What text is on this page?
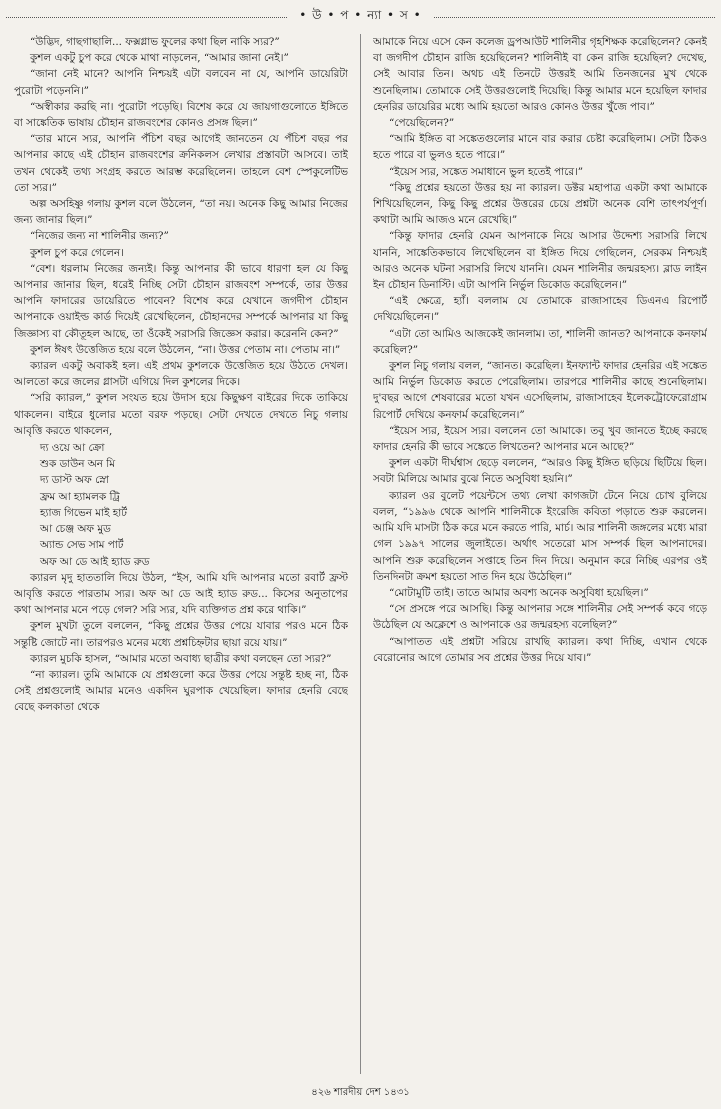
• উ • প • ন্যা • স •

“উদ্ভিদ, গাছগাছালি... ফক্সগ্লাভ ফুলের কথা ছিল নাকি স্যর?”

কুশল একটু চুপ করে থেকে মাথা নাড়লেন, “আমার জানা নেই।”

“জানা নেই মানে? আপনি নিশ্চয়ই এটা বলবেন না যে, আপনি ডায়েরিটা পুরোটা পড়েননি।”

“অস্বীকার করছি না। পুরোটা পড়েছি। বিশেষ করে যে জায়গাগুলোতে ইঙ্গিতে বা সাঙ্কেতিক ভাষায় চৌহান রাজবংশের কোনও প্রসঙ্গ ছিল।”

“তার মানে স্যর, আপনি পঁচিশ বছর আগেই জানতেন যে পঁচিশ বছর পর আপনার কাছে এই চৌহান রাজবংশের ক্রনিকলস লেখার প্রস্তাবটা আসবে। তাই তখন থেকেই তথ্য সংগ্রহ করতে আরম্ভ করেছিলেন। তাহলে বেশ স্পেকুলেটিভ তো স্যর।”

অল্প অসহিষ্ণু গলায় কুশল বলে উঠলেন, “তা নয়। অনেক কিছু আমার নিজের জন্য জানার ছিল।”

“নিজের জন্য না শালিনীর জন্য?”

কুশল চুপ করে গেলেন।

“বেশ। ধরলাম নিজের জন্যই। কিন্তু আপনার কী ভাবে ধারণা হল যে কিছু আপনার জানার ছিল, ধরেই নিচ্ছি সেটা চৌহান রাজবংশ সম্পর্কে, তার উত্তর আপনি ফাদারের ডায়েরিতে পাবেন? বিশেষ করে যেখানে জগদীপ চৌহান আপনাকে ওয়াইল্ড কার্ড দিয়েই রেখেছিলেন, চৌহানদের সম্পর্কে আপনার যা কিছু জিজ্ঞাস্য বা কৌতূহল আছে, তা ওঁকেই সরাসরি জিজ্ঞেস করার। করেননি কেন?”

কুশল ঈষৎ উত্তেজিত হয়ে বলে উঠলেন, “না। উত্তর পেতাম না। পেতাম না।”

ক্যারল একটু অবাকই হল। এই প্রথম কুশলকে উত্তেজিত হয়ে উঠতে দেখল। আলতো করে জলের গ্লাসটা এগিয়ে দিল কুশলের দিকে।

“সরি ক্যারল,” কুশল সংযত হয়ে উদাস হয়ে কিছুক্ষণ বাইরের দিকে তাকিয়ে থাকলেন। বাইরে ধুলোর মতো বরফ পড়ছে। সেটা দেখতে দেখতে নিচু গলায় আবৃত্তি করতে থাকলেন,

দ্য ওয়ে আ ক্রো

শুক ডাউন অন মি

দ্য ডাস্ট অফ স্নো

ফ্রম আ হ্যামলক ট্রি

হ্যাজ গিভেন মাই হার্ট

আ চেঞ্জ অফ মুড

অ্যান্ড সেভ সাম পার্ট

অফ আ ডে আই হ্যাড রুড

ক্যারল মৃদু হাততালি দিয়ে উঠল, “ইস, আমি যদি আপনার মতো রবার্ট ফ্রস্ট আবৃত্তি করতে পারতাম স্যর। অফ আ ডে আই হ্যাড রুড... কিসের অনুতাপের কথা আপনার মনে পড়ে গেল? সরি স্যর, যদি ব্যক্তিগত প্রশ্ন করে থাকি।”

কুশল মুখটা তুলে বললেন, “কিছু প্রশ্নের উত্তর পেয়ে যাবার পরও মনে ঠিক সন্তুষ্টি জোটে না। তারপরও মনের মধ্যে প্রশ্নচিহ্নটার ছায়া রয়ে যায়।”

ক্যারল মুচকি হাসল, “আমার মতো অবাধ্য ছাত্রীর কথা বলছেন তো স্যর?”

“না ক্যারল। তুমি আমাকে যে প্রশ্নগুলো করে উত্তর পেয়ে সন্তুষ্ট হচ্ছ না, ঠিক সেই প্রশ্নগুলোই আমার মনেও একদিন ঘুরপাক খেয়েছিল। ফাদার হেনরি বেছে বেছে কলকাতা থেকে

আমাকে নিয়ে এসে কেন কলেজ ড্রপআউট শালিনীর গৃহশিক্ষক করেছিলেন? কেনই বা জগদীপ চৌহান রাজি হয়েছিলেন? শালিনীই বা কেন রাজি হয়েছিল? দেখেছ, সেই আবার তিন। অথচ এই তিনটে উত্তরই আমি তিনজনের মুখ থেকে শুনেছিলাম। তোমাকে সেই উত্তরগুলোই দিয়েছি। কিন্তু আমার মনে হয়েছিল ফাদার হেনরির ডায়েরির মধ্যে আমি হয়তো আরও কোনও উত্তর খুঁজে পাব।”

“পেয়েছিলেন?”

“আমি ইঙ্গিত বা সঙ্কেতগুলোর মানে বার করার চেষ্টা করেছিলাম। সেটা ঠিকও হতে পারে বা ভুলও হতে পারে।”

“ইয়েস স্যর, সঙ্কেত সমাধানে ভুল হতেই পারে।”

“কিছু প্রশ্নের হয়তো উত্তর হয় না ক্যারল। ডক্টর মহাপাত্র একটা কথা আমাকে শিখিয়েছিলেন, কিছু কিছু প্রশ্নের উত্তরের চেয়ে প্রশ্নটা অনেক বেশি তাৎপর্যপূর্ণ। কথাটা আমি আজও মনে রেখেছি।”

“কিন্তু ফাদার হেনরি যেমন আপনাকে নিয়ে আসার উদ্দেশ্য সরাসরি লিখে যাননি, সাঙ্কেতিকভাবে লিখেছিলেন বা ইঙ্গিত দিয়ে গেছিলেন, সেরকম নিশ্চয়ই আরও অনেক ঘটনা সরাসরি লিখে যাননি। যেমন শালিনীর জন্মরহস্য। ব্লাড লাইন ইন চৌহান ডিনাস্টি। এটা আপনি নির্ভুল ডিকোড করেছিলেন।”

“এই ক্ষেত্রে, হ্যাঁ। বললাম যে তোমাকে রাজাসাহেব ডিএনএ রিপোর্ট দেখিয়েছিলেন।”

“এটা তো আমিও আজকেই জানলাম। তা, শালিনী জানত? আপনাকে কনফার্ম করেছিল?”

কুশল নিচু গলায় বলল, “জানত। করেছিল। ইনফ্যান্ট ফাদার হেনরির এই সঙ্কেত আমি নির্ভুল ডিকোড করতে পেরেছিলাম। তারপরে শালিনীর কাছে শুনেছিলাম। দু'বছর আগে শেষবারের মতো যখন এসেছিলাম, রাজাসাহেব ইলেকট্রোফেরোগ্রাম রিপোর্ট দেখিয়ে কনফার্ম করেছিলেন।”

“ইয়েস স্যর, ইয়েস স্যর। বললেন তো আমাকে। তবু খুব জানতে ইচ্ছে করছে ফাদার হেনরি কী ভাবে সঙ্কেতে লিখতেন? আপনার মনে আছে?”

কুশল একটা দীর্ঘশ্বাস ছেড়ে বললেন, “আরও কিছু ইঙ্গিত ছড়িয়ে ছিটিয়ে ছিল। সবটা মিলিয়ে আমার বুঝে নিতে অসুবিধা হয়নি।”

ক্যারল ওর বুলেট পয়েন্টসে তথ্য লেখা কাগজটা টেনে নিয়ে চোখ বুলিয়ে বলল, “১৯৯৬ থেকে আপনি শালিনীকে ইংরেজি কবিতা পড়াতে শুরু করলেন। আমি যদি মাসটা ঠিক করে মনে করতে পারি, মার্চ। আর শালিনী জঙ্গলের মধ্যে মারা গেল ১৯৯৭ সালের জুলাইতে। অর্থাৎ সতেরো মাস সম্পর্ক ছিল আপনাদের। আপনি শুরু করেছিলেন সপ্তাহে তিন দিন দিয়ে। অনুমান করে নিচ্ছি এরপর ওই তিনদিনটা ক্রমশ হয়তো সাত দিন হয়ে উঠেছিল।”

“মোটামুটি তাই। তাতে আমার অবশ্য অনেক অসুবিধা হয়েছিল।”

“সে প্রসঙ্গে পরে আসছি। কিন্তু আপনার সঙ্গে শালিনীর সেই সম্পর্ক কবে গড়ে উঠেছিল যে অক্লেশে ও আপনাকে ওর জন্মরহস্য বলেছিল?”

“আপাতত এই প্রশ্নটা সরিয়ে রাখছি ক্যারল। কথা দিচ্ছি, এখান থেকে বেরোনোর আগে তোমার সব প্রশ্নের উত্তর দিয়ে যাব।”

৪২৬ শারদীয় দেশ ১৪৩১
